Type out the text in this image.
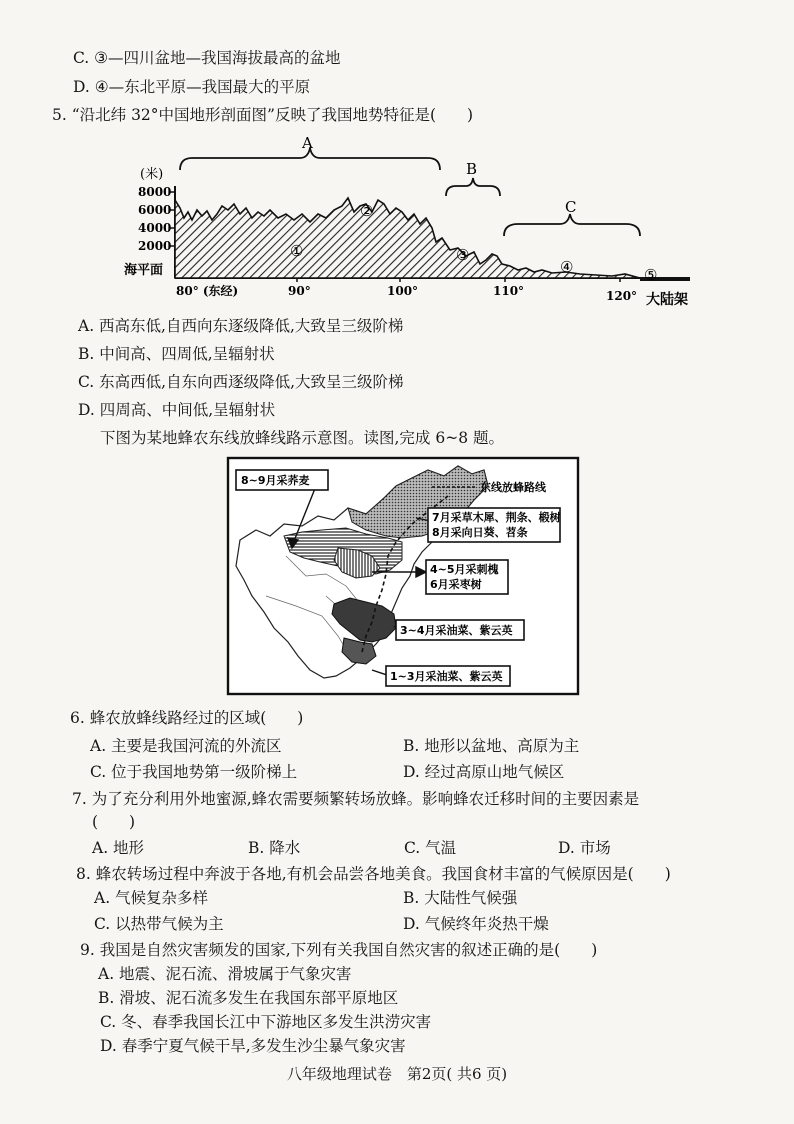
C. ③—四川盆地—我国海拔最高的盆地
D. ④—东北平原—我国最大的平原
5. “沿北纬 32°中国地形剖面图”反映了我国地势特征是(　　)
A
B
C
(米)
8000
6000
4000
2000
海平面
80° (东经)	90°	100°	110°	120° 大陆架
①
②
③
④	⑤
A. 西高东低,自西向东逐级降低,大致呈三级阶梯
B. 中间高、四周低,呈辐射状
C. 东高西低,自东向西逐级降低,大致呈三级阶梯
D. 四周高、中间低,呈辐射状
下图为某地蜂农东线放蜂线路示意图。读图,完成 6~8 题。
东线放蜂路线
8~9月采荞麦
7月采草木犀、荆条、椴树
8月采向日葵、苕条
4~5月采刺槐
6月采枣树
3~4月采油菜、紫云英
1~3月采油菜、紫云英
6. 蜂农放蜂线路经过的区域(　　)
A. 主要是我国河流的外流区	B. 地形以盆地、高原为主
C. 位于我国地势第一级阶梯上	D. 经过高原山地气候区
7. 为了充分利用外地蜜源,蜂农需要频繁转场放蜂。影响蜂农迁移时间的主要因素是
(　　)
A. 地形	B. 降水	C. 气温	D. 市场
8. 蜂农转场过程中奔波于各地,有机会品尝各地美食。我国食材丰富的气候原因是(　　)
A. 气候复杂多样	B. 大陆性气候强
C. 以热带气候为主	D. 气候终年炎热干燥
9. 我国是自然灾害频发的国家,下列有关我国自然灾害的叙述正确的是(　　)
A. 地震、泥石流、滑坡属于气象灾害
B. 滑坡、泥石流多发生在我国东部平原地区
C. 冬、春季我国长江中下游地区多发生洪涝灾害
D. 春季宁夏气候干旱,多发生沙尘暴气象灾害
八年级地理试卷　第2页( 共6 页)
